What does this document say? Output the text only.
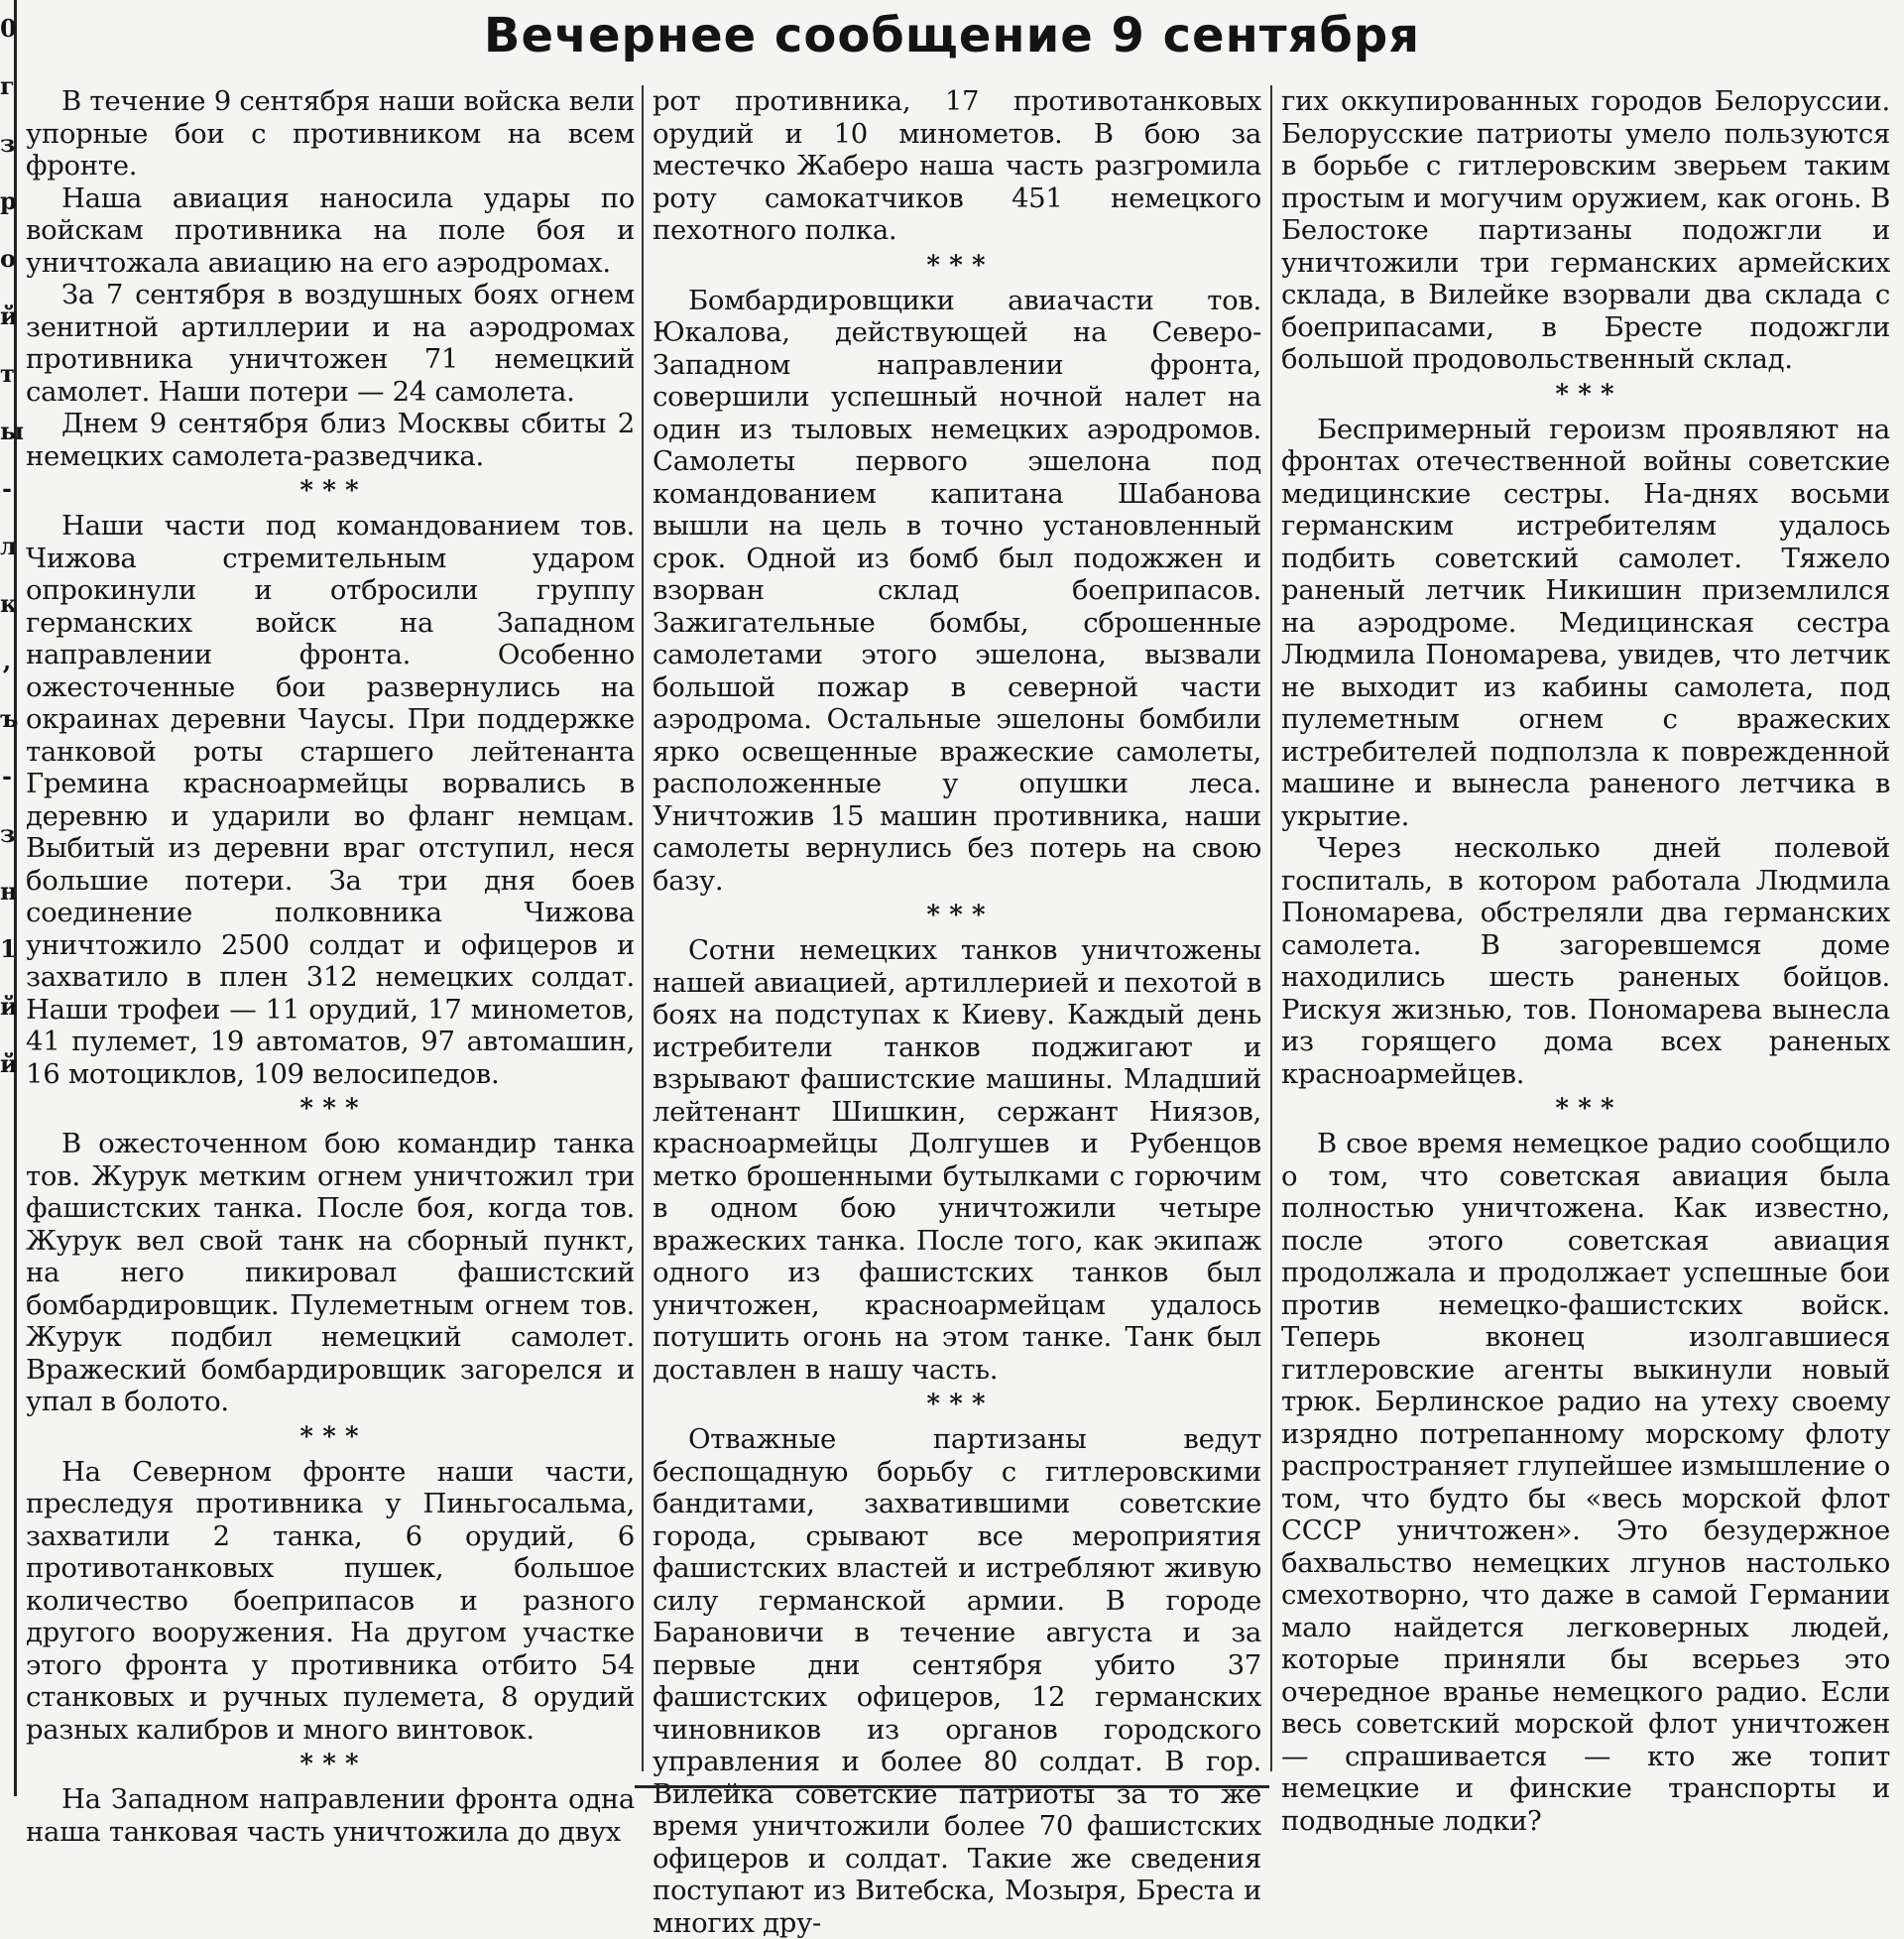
0
г
з
р
о
й
т
ы
-
л
к
,
ъ
-
з
н
1
й
й
Вечернее сообщение 9 сентября

В течение 9 сентября наши войска вели упорные бои с противником на всем фронте.

Наша авиация наносила удары по войскам противника на поле боя и уничтожала авиацию на его аэродромах.

За 7 сентября в воздушных боях огнем зенитной артиллерии и на аэродромах противника уничтожен 71 немецкий самолет. Наши потери — 24 самолета.

Днем 9 сентября близ Москвы сбиты 2 немецких самолета-разведчика.

* * *

Наши части под командованием тов. Чижова стремительным ударом опрокинули и отбросили группу германских войск на Западном направлении фронта. Особенно ожесточенные бои развернулись на окраинах деревни Чаусы. При поддержке танковой роты старшего лейтенанта Гремина красноармейцы ворвались в деревню и ударили во фланг немцам. Выбитый из деревни враг отступил, неся большие потери. За три дня боев соединение полковника Чижова уничтожило 2500 солдат и офицеров и захватило в плен 312 немецких солдат. Наши трофеи — 11 орудий, 17 минометов, 41 пулемет, 19 автоматов, 97 автомашин, 16 мотоциклов, 109 велосипедов.

* * *

В ожесточенном бою командир танка тов. Журук метким огнем уничтожил три фашистских танка. После боя, когда тов. Журук вел свой танк на сборный пункт, на него пикировал фашистский бомбардировщик. Пулеметным огнем тов. Журук подбил немецкий самолет. Вражеский бомбардировщик загорелся и упал в болото.

* * *

На Северном фронте наши части, преследуя противника у Пиньгосальма, захватили 2 танка, 6 орудий, 6 противотанковых пушек, большое количество боеприпасов и разного другого вооружения. На другом участке этого фронта у противника отбито 54 станковых и ручных пулемета, 8 орудий разных калибров и много винтовок.

* * *

На Западном направлении фронта одна наша танковая часть уничтожила до двух

рот противника, 17 противотанковых орудий и 10 минометов. В бою за местечко Жаберо наша часть разгромила роту самокатчиков 451 немецкого пехотного полка.

* * *

Бомбардировщики авиачасти тов. Юкалова, действующей на Северо-Западном направлении фронта, совершили успешный ночной налет на один из тыловых немецких аэродромов. Самолеты первого эшелона под командованием капитана Шабанова вышли на цель в точно установленный срок. Одной из бомб был подожжен и взорван склад боеприпасов. Зажигательные бомбы, сброшенные самолетами этого эшелона, вызвали большой пожар в северной части аэродрома. Остальные эшелоны бомбили ярко освещенные вражеские самолеты, расположенные у опушки леса. Уничтожив 15 машин противника, наши самолеты вернулись без потерь на свою базу.

* * *

Сотни немецких танков уничтожены нашей авиацией, артиллерией и пехотой в боях на подступах к Киеву. Каждый день истребители танков поджигают и взрывают фашистские машины. Младший лейтенант Шишкин, сержант Ниязов, красноармейцы Долгушев и Рубенцов метко брошенными бутылками с горючим в одном бою уничтожили четыре вражеских танка. После того, как экипаж одного из фашистских танков был уничтожен, красноармейцам удалось потушить огонь на этом танке. Танк был доставлен в нашу часть.

* * *

Отважные партизаны ведут беспощадную борьбу с гитлеровскими бандитами, захватившими советские города, срывают все мероприятия фашистских властей и истребляют живую силу германской армии. В городе Барановичи в течение августа и за первые дни сентября убито 37 фашистских офицеров, 12 германских чиновников из органов городского управления и более 80 солдат. В гор. Вилейка советские патриоты за то же время уничтожили более 70 фашистских офицеров и солдат. Такие же сведения поступают из Витебска, Мозыря, Бреста и многих дру-

гих оккупированных городов Белоруссии. Белорусские патриоты умело пользуются в борьбе с гитлеровским зверьем таким простым и могучим оружием, как огонь. В Белостоке партизаны подожгли и уничтожили три германских армейских склада, в Вилейке взорвали два склада с боеприпасами, в Бресте подожгли большой продовольственный склад.

* * *

Беспримерный героизм проявляют на фронтах отечественной войны советские медицинские сестры. На-днях восьми германским истребителям удалось подбить советский самолет. Тяжело раненый летчик Никишин приземлился на аэродроме. Медицинская сестра Людмила Пономарева, увидев, что летчик не выходит из кабины самолета, под пулеметным огнем с вражеских истребителей подползла к поврежденной машине и вынесла раненого летчика в укрытие.

Через несколько дней полевой госпиталь, в котором работала Людмила Пономарева, обстреляли два германских самолета. В загоревшемся доме находились шесть раненых бойцов. Рискуя жизнью, тов. Пономарева вынесла из горящего дома всех раненых красноармейцев.

* * *

В свое время немецкое радио сообщило о том, что советская авиация была полностью уничтожена. Как известно, после этого советская авиация продолжала и продолжает успешные бои против немецко-фашистских войск. Теперь вконец изолгавшиеся гитлеровские агенты выкинули новый трюк. Берлинское радио на утеху своему изрядно потрепанному морскому флоту распространяет глупейшее измышление о том, что будто бы «весь морской флот СССР уничтожен». Это безудержное бахвальство немецких лгунов настолько смехотворно, что даже в самой Германии мало найдется легковерных людей, которые приняли бы всерьез это очередное вранье немецкого радио. Если весь советский морской флот уничтожен — спрашивается — кто же топит немецкие и финские транспорты и подводные лодки?
